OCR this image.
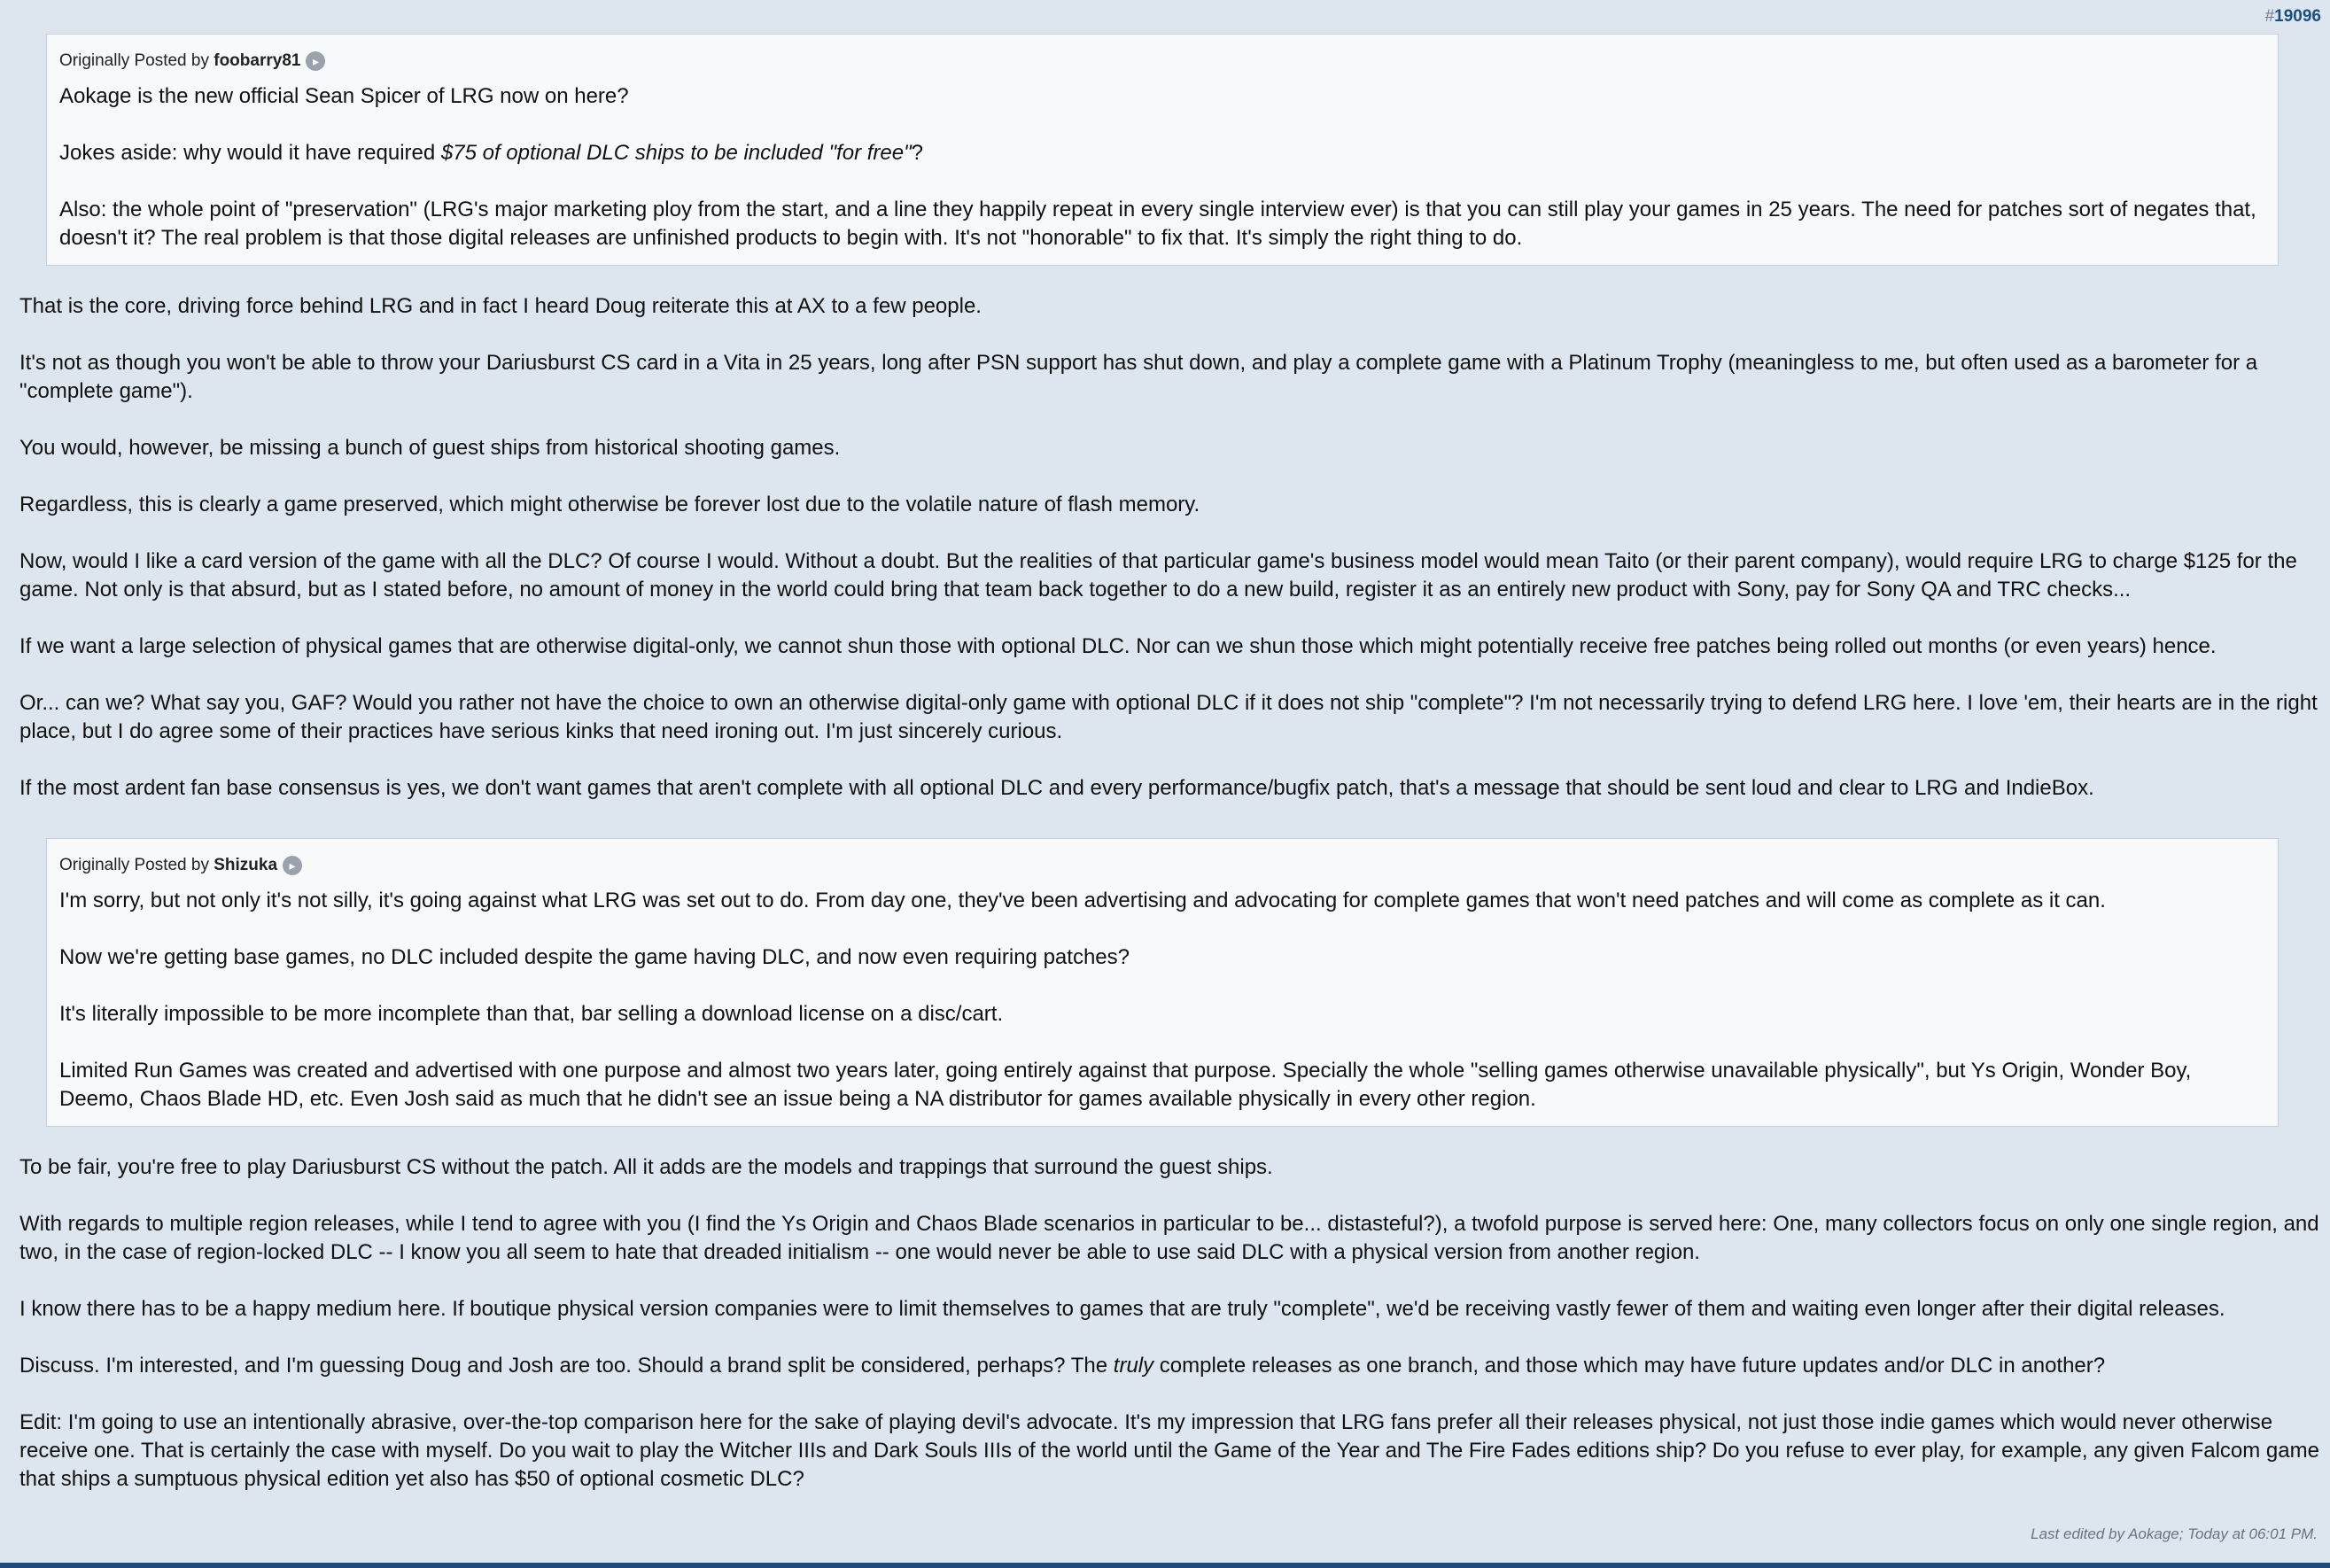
#19096
Originally Posted by foobarry81 ▸
Aokage is the new official Sean Spicer of LRG now on here?
Jokes aside: why would it have required $75 of optional DLC ships to be included "for free"?
Also: the whole point of "preservation" (LRG's major marketing ploy from the start, and a line they happily repeat in every single interview ever) is that you can still play your games in 25 years. The need for patches sort of negates that, doesn't it? The real problem is that those digital releases are unfinished products to begin with. It's not "honorable" to fix that. It's simply the right thing to do.
That is the core, driving force behind LRG and in fact I heard Doug reiterate this at AX to a few people.
It's not as though you won't be able to throw your Dariusburst CS card in a Vita in 25 years, long after PSN support has shut down, and play a complete game with a Platinum Trophy (meaningless to me, but often used as a barometer for a "complete game").
You would, however, be missing a bunch of guest ships from historical shooting games.
Regardless, this is clearly a game preserved, which might otherwise be forever lost due to the volatile nature of flash memory.
Now, would I like a card version of the game with all the DLC? Of course I would. Without a doubt. But the realities of that particular game's business model would mean Taito (or their parent company), would require LRG to charge $125 for the game. Not only is that absurd, but as I stated before, no amount of money in the world could bring that team back together to do a new build, register it as an entirely new product with Sony, pay for Sony QA and TRC checks...
If we want a large selection of physical games that are otherwise digital-only, we cannot shun those with optional DLC. Nor can we shun those which might potentially receive free patches being rolled out months (or even years) hence.
Or... can we? What say you, GAF? Would you rather not have the choice to own an otherwise digital-only game with optional DLC if it does not ship "complete"? I'm not necessarily trying to defend LRG here. I love 'em, their hearts are in the right place, but I do agree some of their practices have serious kinks that need ironing out. I'm just sincerely curious.
If the most ardent fan base consensus is yes, we don't want games that aren't complete with all optional DLC and every performance/bugfix patch, that's a message that should be sent loud and clear to LRG and IndieBox.
Originally Posted by Shizuka ▸
I'm sorry, but not only it's not silly, it's going against what LRG was set out to do. From day one, they've been advertising and advocating for complete games that won't need patches and will come as complete as it can.
Now we're getting base games, no DLC included despite the game having DLC, and now even requiring patches?
It's literally impossible to be more incomplete than that, bar selling a download license on a disc/cart.
Limited Run Games was created and advertised with one purpose and almost two years later, going entirely against that purpose. Specially the whole "selling games otherwise unavailable physically", but Ys Origin, Wonder Boy, Deemo, Chaos Blade HD, etc. Even Josh said as much that he didn't see an issue being a NA distributor for games available physically in every other region.
To be fair, you're free to play Dariusburst CS without the patch. All it adds are the models and trappings that surround the guest ships.
With regards to multiple region releases, while I tend to agree with you (I find the Ys Origin and Chaos Blade scenarios in particular to be... distasteful?), a twofold purpose is served here: One, many collectors focus on only one single region, and two, in the case of region-locked DLC -- I know you all seem to hate that dreaded initialism -- one would never be able to use said DLC with a physical version from another region.
I know there has to be a happy medium here. If boutique physical version companies were to limit themselves to games that are truly "complete", we'd be receiving vastly fewer of them and waiting even longer after their digital releases.
Discuss. I'm interested, and I'm guessing Doug and Josh are too. Should a brand split be considered, perhaps? The truly complete releases as one branch, and those which may have future updates and/or DLC in another?
Edit: I'm going to use an intentionally abrasive, over-the-top comparison here for the sake of playing devil's advocate. It's my impression that LRG fans prefer all their releases physical, not just those indie games which would never otherwise receive one. That is certainly the case with myself. Do you wait to play the Witcher IIIs and Dark Souls IIIs of the world until the Game of the Year and The Fire Fades editions ship? Do you refuse to ever play, for example, any given Falcom game that ships a sumptuous physical edition yet also has $50 of optional cosmetic DLC?
Last edited by Aokage; Today at 06:01 PM.
